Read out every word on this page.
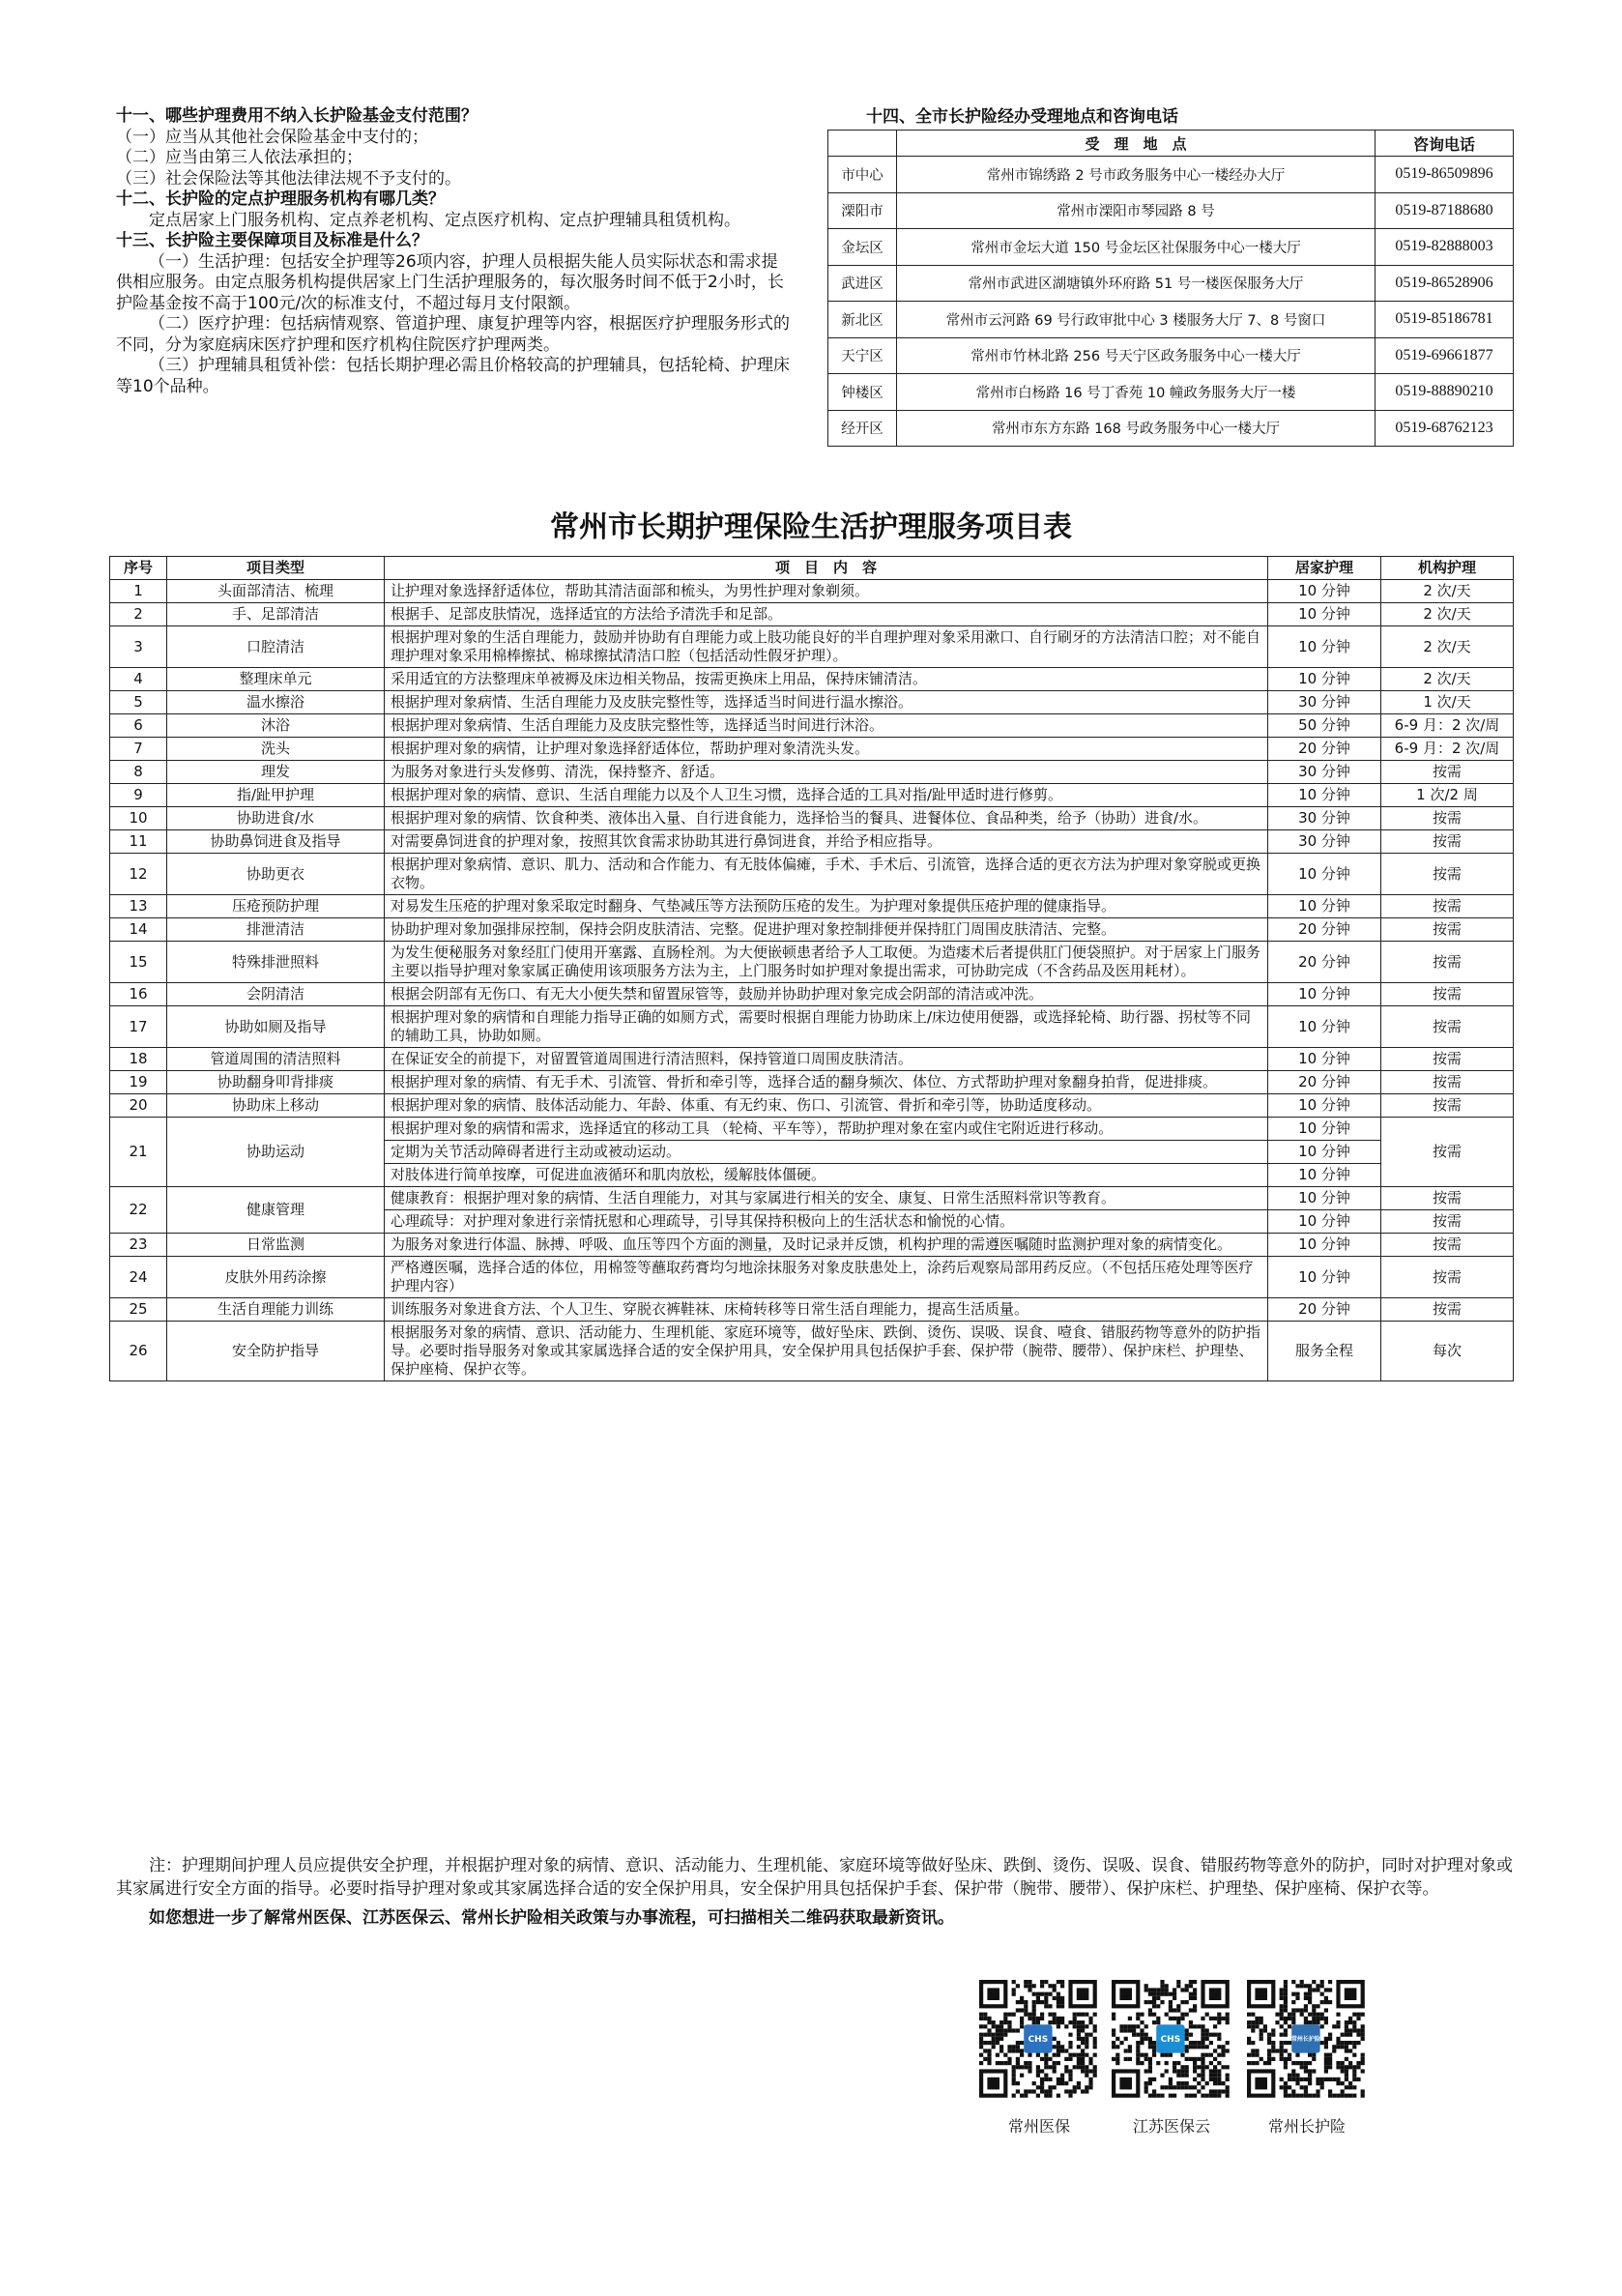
十一、哪些护理费用不纳入长护险基金支付范围？

（一）应当从其他社会保险基金中支付的；

（二）应当由第三人依法承担的；

（三）社会保险法等其他法律法规不予支付的。

十二、长护险的定点护理服务机构有哪几类？

定点居家上门服务机构、定点养老机构、定点医疗机构、定点护理辅具租赁机构。

十三、长护险主要保障项目及标准是什么？

（一）生活护理：包括安全护理等26项内容，护理人员根据失能人员实际状态和需求提供相应服务。由定点服务机构提供居家上门生活护理服务的，每次服务时间不低于2小时，长护险基金按不高于100元/次的标准支付，不超过每月支付限额。

（二）医疗护理：包括病情观察、管道护理、康复护理等内容，根据医疗护理服务形式的不同，分为家庭病床医疗护理和医疗机构住院医疗护理两类。

（三）护理辅具租赁补偿：包括长期护理必需且价格较高的护理辅具，包括轮椅、护理床等10个品种。

十四、全市长护险经办受理地点和咨询电话
	受　理　地　点	咨询电话
市中心	常州市锦绣路 2 号市政务服务中心一楼经办大厅	0519-86509896
溧阳市	常州市溧阳市琴园路 8 号	0519-87188680
金坛区	常州市金坛大道 150 号金坛区社保服务中心一楼大厅	0519-82888003
武进区	常州市武进区湖塘镇外环府路 51 号一楼医保服务大厅	0519-86528906
新北区	常州市云河路 69 号行政审批中心 3 楼服务大厅 7、8 号窗口	0519-85186781
天宁区	常州市竹林北路 256 号天宁区政务服务中心一楼大厅	0519-69661877
钟楼区	常州市白杨路 16 号丁香苑 10 幢政务服务大厅一楼	0519-88890210
经开区	常州市东方东路 168 号政务服务中心一楼大厅	0519-68762123
常州市长期护理保险生活护理服务项目表
序号	项目类型	项　目　内　容	居家护理	机构护理
1	头面部清洁、梳理	让护理对象选择舒适体位，帮助其清洁面部和梳头，为男性护理对象剃须。	10 分钟	2 次/天
2	手、足部清洁	根据手、足部皮肤情况，选择适宜的方法给予清洗手和足部。	10 分钟	2 次/天
3	口腔清洁	根据护理对象的生活自理能力，鼓励并协助有自理能力或上肢功能良好的半自理护理对象采用漱口、自行刷牙的方法清洁口腔；对不能自理护理对象采用棉棒擦拭、棉球擦拭清洁口腔（包括活动性假牙护理）。	10 分钟	2 次/天
4	整理床单元	采用适宜的方法整理床单被褥及床边相关物品，按需更换床上用品，保持床铺清洁。	10 分钟	2 次/天
5	温水擦浴	根据护理对象病情、生活自理能力及皮肤完整性等，选择适当时间进行温水擦浴。	30 分钟	1 次/天
6	沐浴	根据护理对象病情、生活自理能力及皮肤完整性等，选择适当时间进行沐浴。	50 分钟	6-9 月：2 次/周
7	洗头	根据护理对象的病情，让护理对象选择舒适体位，帮助护理对象清洗头发。	20 分钟	6-9 月：2 次/周
8	理发	为服务对象进行头发修剪、清洗，保持整齐、舒适。	30 分钟	按需
9	指/趾甲护理	根据护理对象的病情、意识、生活自理能力以及个人卫生习惯，选择合适的工具对指/趾甲适时进行修剪。	10 分钟	1 次/2 周
10	协助进食/水	根据护理对象的病情、饮食种类、液体出入量、自行进食能力，选择恰当的餐具、进餐体位、食品种类，给予（协助）进食/水。	30 分钟	按需
11	协助鼻饲进食及指导	对需要鼻饲进食的护理对象，按照其饮食需求协助其进行鼻饲进食，并给予相应指导。	30 分钟	按需
12	协助更衣	根据护理对象病情、意识、肌力、活动和合作能力、有无肢体偏瘫，手术、手术后、引流管，选择合适的更衣方法为护理对象穿脱或更换衣物。	10 分钟	按需
13	压疮预防护理	对易发生压疮的护理对象采取定时翻身、气垫减压等方法预防压疮的发生。为护理对象提供压疮护理的健康指导。	10 分钟	按需
14	排泄清洁	协助护理对象加强排尿控制，保持会阴皮肤清洁、完整。促进护理对象控制排便并保持肛门周围皮肤清洁、完整。	20 分钟	按需
15	特殊排泄照料	为发生便秘服务对象经肛门使用开塞露、直肠栓剂。为大便嵌顿患者给予人工取便。为造瘘术后者提供肛门便袋照护。对于居家上门服务主要以指导护理对象家属正确使用该项服务方法为主，上门服务时如护理对象提出需求，可协助完成（不含药品及医用耗材）。	20 分钟	按需
16	会阴清洁	根据会阴部有无伤口、有无大小便失禁和留置尿管等，鼓励并协助护理对象完成会阴部的清洁或冲洗。	10 分钟	按需
17	协助如厕及指导	根据护理对象的病情和自理能力指导正确的如厕方式，需要时根据自理能力协助床上/床边使用便器，或选择轮椅、助行器、拐杖等不同的辅助工具，协助如厕。	10 分钟	按需
18	管道周围的清洁照料	在保证安全的前提下，对留置管道周围进行清洁照料，保持管道口周围皮肤清洁。	10 分钟	按需
19	协助翻身叩背排痰	根据护理对象的病情、有无手术、引流管、骨折和牵引等，选择合适的翻身频次、体位、方式帮助护理对象翻身拍背，促进排痰。	20 分钟	按需
20	协助床上移动	根据护理对象的病情、肢体活动能力、年龄、体重、有无约束、伤口、引流管、骨折和牵引等，协助适度移动。	10 分钟	按需
21	协助运动	根据护理对象的病情和需求，选择适宜的移动工具 （轮椅、平车等），帮助护理对象在室内或住宅附近进行移动。	10 分钟	按需
		定期为关节活动障碍者进行主动或被动运动。	10 分钟	
		对肢体进行简单按摩，可促进血液循环和肌肉放松，缓解肢体僵硬。	10 分钟	
22	健康管理	健康教育：根据护理对象的病情、生活自理能力，对其与家属进行相关的安全、康复、日常生活照料常识等教育。	10 分钟	按需
		心理疏导：对护理对象进行亲情抚慰和心理疏导，引导其保持积极向上的生活状态和愉悦的心情。	10 分钟	按需
23	日常监测	为服务对象进行体温、脉搏、呼吸、血压等四个方面的测量，及时记录并反馈，机构护理的需遵医嘱随时监测护理对象的病情变化。	10 分钟	按需
24	皮肤外用药涂擦	严格遵医嘱，选择合适的体位，用棉签等蘸取药膏均匀地涂抹服务对象皮肤患处上，涂药后观察局部用药反应。（不包括压疮处理等医疗护理内容）	10 分钟	按需
25	生活自理能力训练	训练服务对象进食方法、个人卫生、穿脱衣裤鞋袜、床椅转移等日常生活自理能力，提高生活质量。	20 分钟	按需
26	安全防护指导	根据服务对象的病情、意识、活动能力、生理机能、家庭环境等，做好坠床、跌倒、烫伤、误吸、误食、噎食、错服药物等意外的防护指导。必要时指导服务对象或其家属选择合适的安全保护用具，安全保护用具包括保护手套、保护带（腕带、腰带）、保护床栏、护理垫、保护座椅、保护衣等。	服务全程	每次

注：护理期间护理人员应提供安全护理，并根据护理对象的病情、意识、活动能力、生理机能、家庭环境等做好坠床、跌倒、烫伤、误吸、误食、错服药物等意外的防护，同时对护理对象或其家属进行安全方面的指导。必要时指导护理对象或其家属选择合适的安全保护用具，安全保护用具包括保护手套、保护带（腕带、腰带）、保护床栏、护理垫、保护座椅、保护衣等。

如您想进一步了解常州医保、江苏医保云、常州长护险相关政策与办事流程，可扫描相关二维码获取最新资讯。

CHS	CHS	常州长护险
常州医保	江苏医保云	常州长护险
